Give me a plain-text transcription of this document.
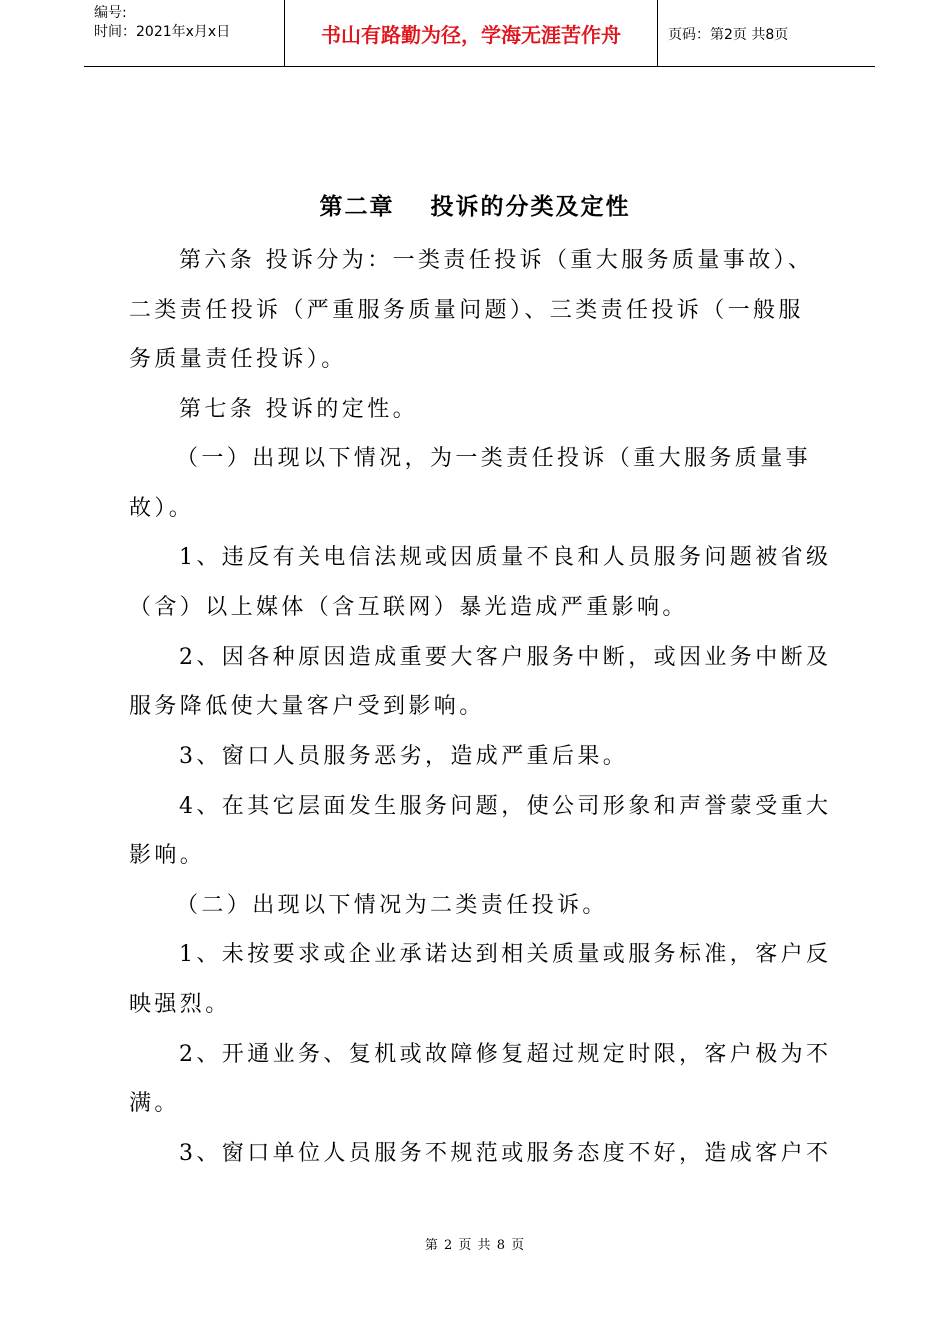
编号:
时间：2021年x月x日	书山有路勤为径，学海无涯苦作舟	页码：第2页 共8页
第二章 投诉的分类及定性
第六条 投诉分为：一类责任投诉（重大服务质量事故）、
二类责任投诉（严重服务质量问题）、三类责任投诉（一般服
务质量责任投诉）。
第七条 投诉的定性。
（一）出现以下情况，为一类责任投诉（重大服务质量事
故）。
1、违反有关电信法规或因质量不良和人员服务问题被省级
（含）以上媒体（含互联网）暴光造成严重影响。
2、因各种原因造成重要大客户服务中断，或因业务中断及
服务降低使大量客户受到影响。
3、窗口人员服务恶劣，造成严重后果。
4、在其它层面发生服务问题，使公司形象和声誉蒙受重大
影响。
（二）出现以下情况为二类责任投诉。
1、未按要求或企业承诺达到相关质量或服务标准，客户反
映强烈。
2、开通业务、复机或故障修复超过规定时限，客户极为不
满。
3、窗口单位人员服务不规范或服务态度不好，造成客户不
第 2 页 共 8 页
